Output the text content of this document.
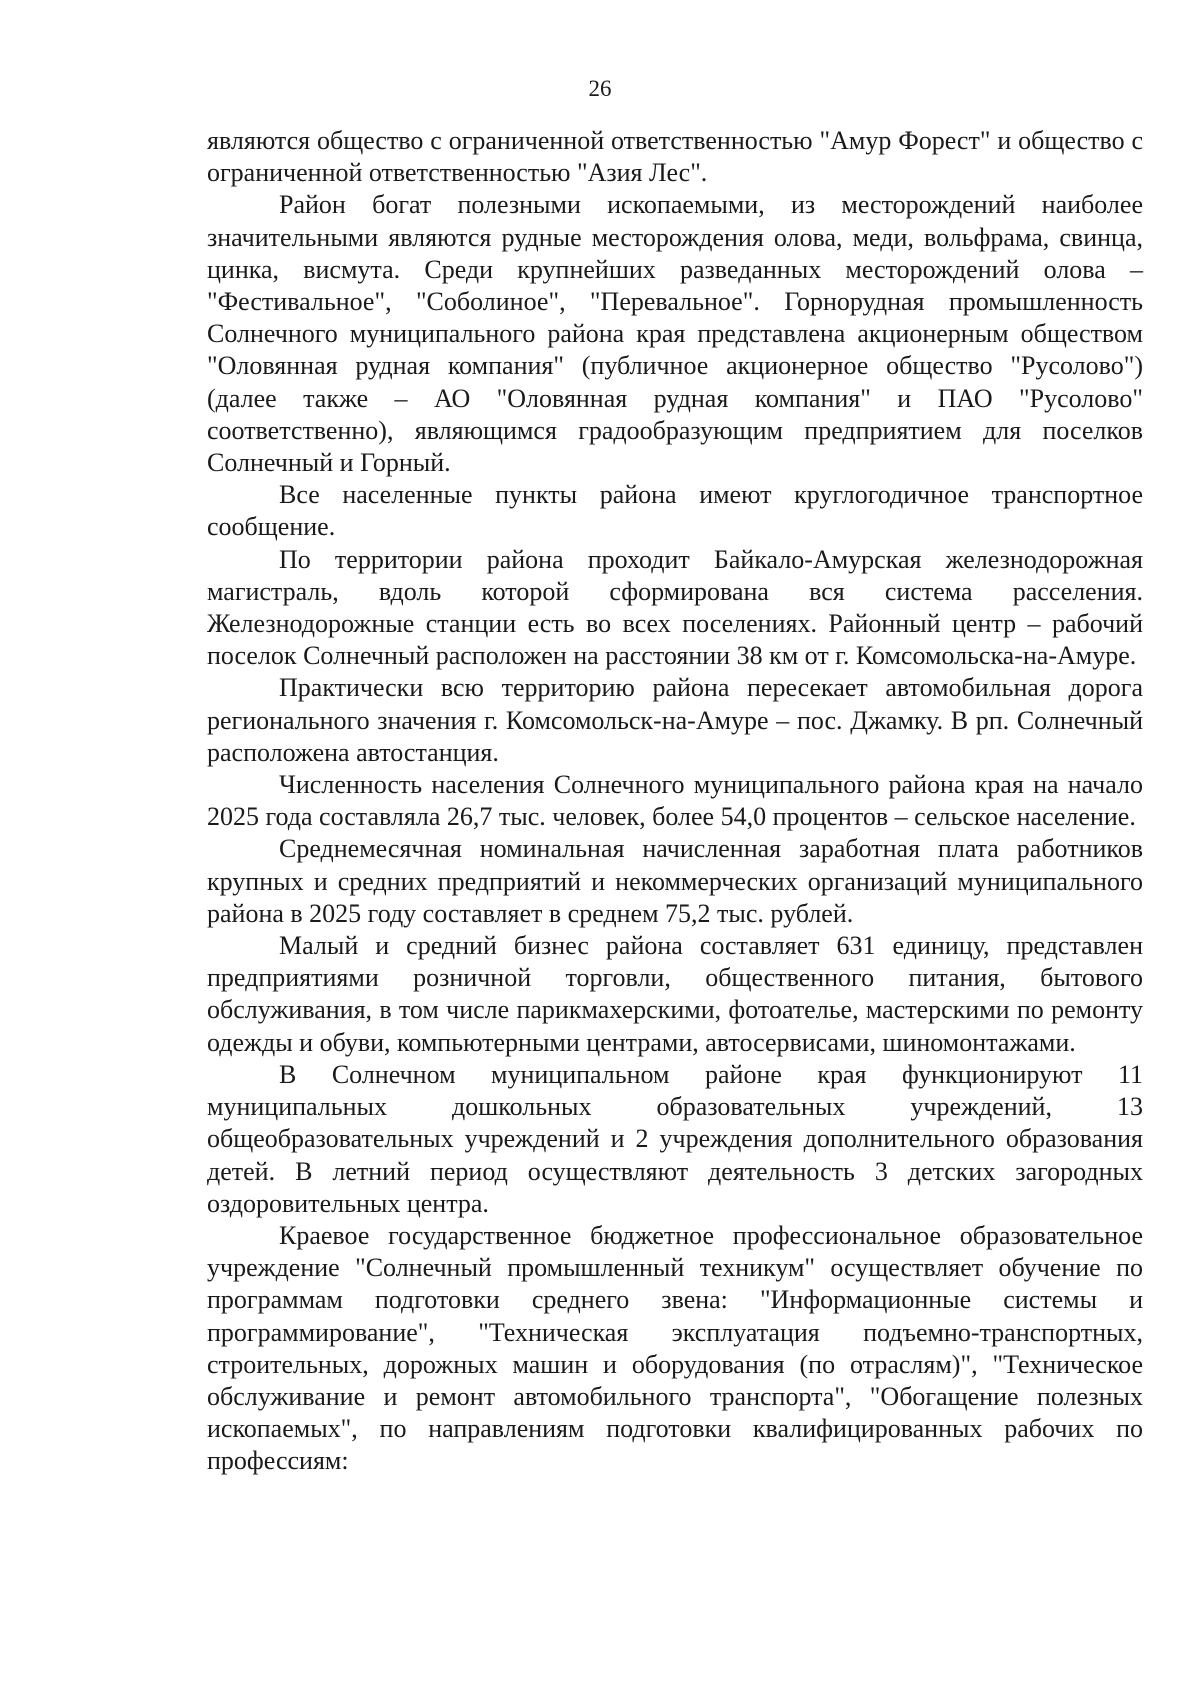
26

являются общество с ограниченной ответственностью "Амур Форест" и общество с ограниченной ответственностью "Азия Лес".

Район богат полезными ископаемыми, из месторождений наиболее значительными являются рудные месторождения олова, меди, вольфрама, свинца, цинка, висмута. Среди крупнейших разведанных месторождений олова – "Фестивальное", "Соболиное", "Перевальное". Горнорудная промышленность Солнечного муниципального района края представлена акционерным обществом "Оловянная рудная компания" (публичное акционерное общество "Русолово") (далее также – АО "Оловянная рудная компания" и ПАО "Русолово" соответственно), являющимся градообразующим предприятием для поселков Солнечный и Горный.

Все населенные пункты района имеют круглогодичное транспортное сообщение.

По территории района проходит Байкало-Амурская железнодорожная магистраль, вдоль которой сформирована вся система расселения. Железнодорожные станции есть во всех поселениях. Районный центр – рабочий поселок Солнечный расположен на расстоянии 38 км от г. Комсомольска-на-Амуре.

Практически всю территорию района пересекает автомобильная дорога регионального значения г. Комсомольск-на-Амуре – пос. Джамку. В рп. Солнечный расположена автостанция.

Численность населения Солнечного муниципального района края на начало 2025 года составляла 26,7 тыс. человек, более 54,0 процентов – сельское население.

Среднемесячная номинальная начисленная заработная плата работников крупных и средних предприятий и некоммерческих организаций муниципального района в 2025 году составляет в среднем 75,2 тыс. рублей.

Малый и средний бизнес района составляет 631 единицу, представлен предприятиями розничной торговли, общественного питания, бытового обслуживания, в том числе парикмахерскими, фотоателье, мастерскими по ремонту одежды и обуви, компьютерными центрами, автосервисами, шиномонтажами.

В Солнечном муниципальном районе края функционируют 11 муниципальных дошкольных образовательных учреждений, 13 общеобразовательных учреждений и 2 учреждения дополнительного образования детей. В летний период осуществляют деятельность 3 детских загородных оздоровительных центра.

Краевое государственное бюджетное профессиональное образовательное учреждение "Солнечный промышленный техникум" осуществляет обучение по программам подготовки среднего звена: "Информационные системы и программирование", "Техническая эксплуатация подъемно-транспортных, строительных, дорожных машин и оборудования (по отраслям)", "Техническое обслуживание и ремонт автомобильного транспорта", "Обогащение полезных ископаемых", по направлениям подготовки квалифицированных рабочих по профессиям:
